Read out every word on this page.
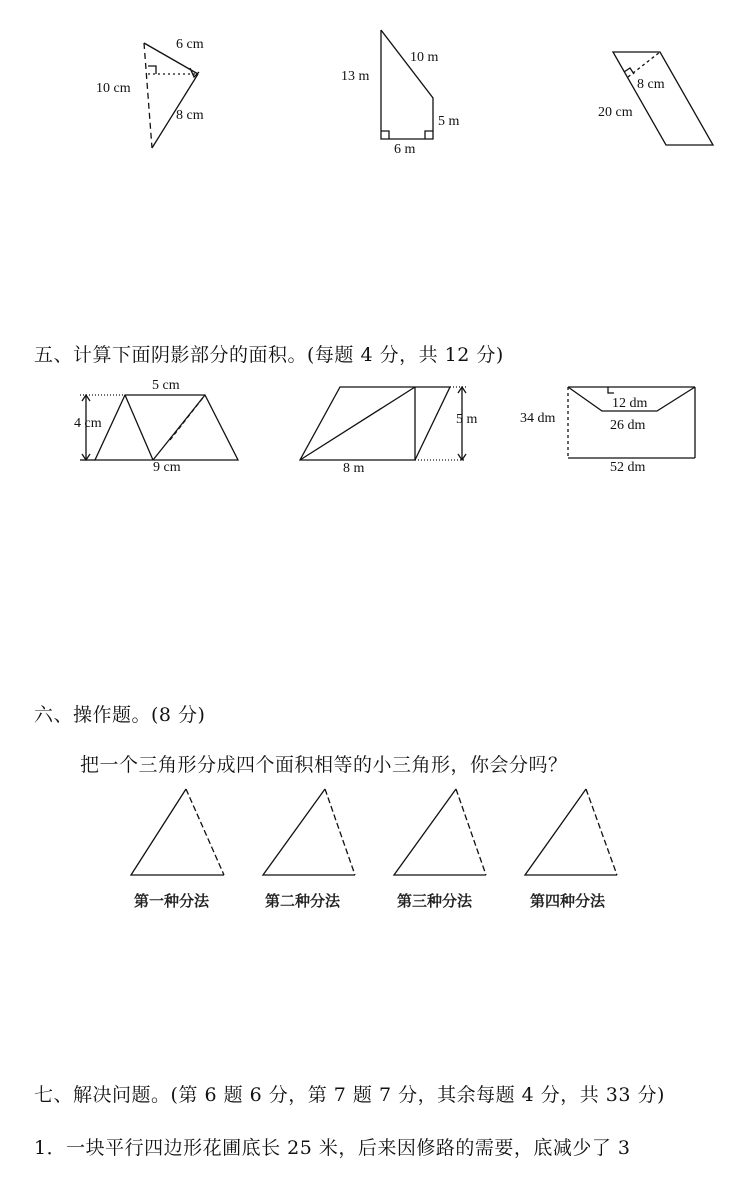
6 cm
10 cm
8 cm
10 m
13 m
5 m
6 m
8 cm
20 cm
五、计算下面阴影部分的面积。(每题 4 分，共 12 分)
5 cm
4 cm
9 cm
5 m
8 m
34 dm
12 dm
26 dm
52 dm
六、操作题。(8 分)
把一个三角形分成四个面积相等的小三角形，你会分吗？
第一种分法	第二种分法	第三种分法	第四种分法
七、解决问题。(第 6 题 6 分，第 7 题 7 分，其余每题 4 分，共 33 分)
1．一块平行四边形花圃底长 25 米，后来因修路的需要，底减少了 3
